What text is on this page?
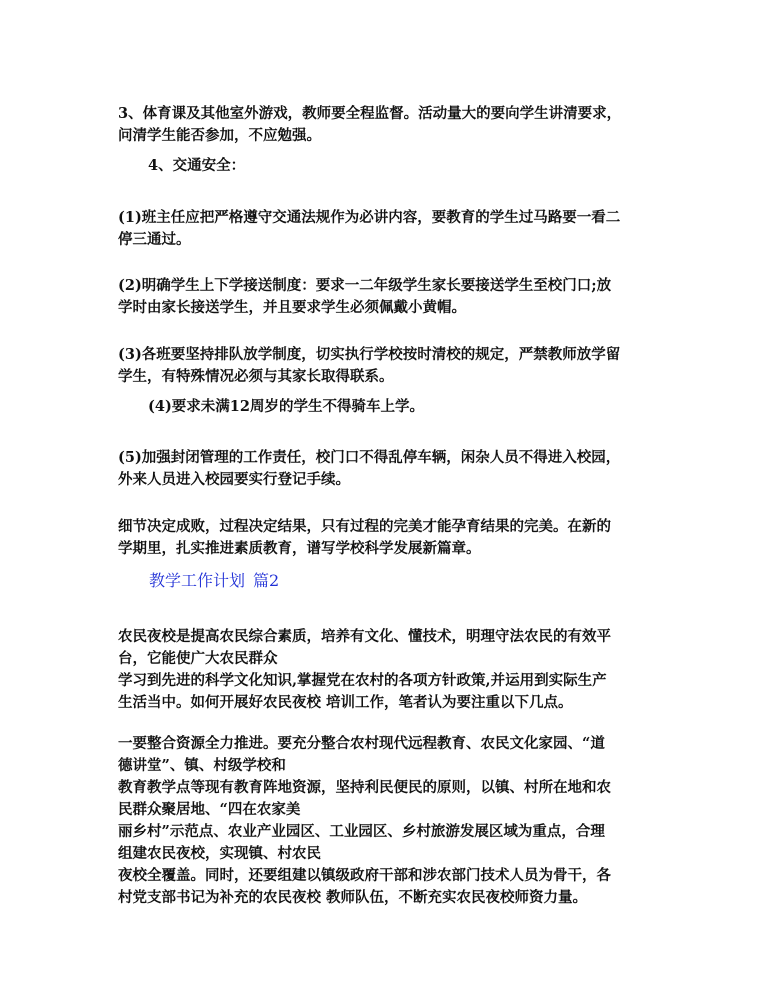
3、体育课及其他室外游戏，教师要全程监督。活动量大的要向学生讲清要求，
问清学生能否参加，不应勉强。
4、交通安全：
(1)班主任应把严格遵守交通法规作为必讲内容，要教育的学生过马路要一看二
停三通过。
(2)明确学生上下学接送制度：要求一二年级学生家长要接送学生至校门口;放
学时由家长接送学生，并且要求学生必须佩戴小黄帽。
(3)各班要坚持排队放学制度，切实执行学校按时清校的规定，严禁教师放学留
学生，有特殊情况必须与其家长取得联系。
(4)要求未满12周岁的学生不得骑车上学。
(5)加强封闭管理的工作责任，校门口不得乱停车辆，闲杂人员不得进入校园，
外来人员进入校园要实行登记手续。
细节决定成败，过程决定结果，只有过程的完美才能孕育结果的完美。在新的
学期里，扎实推进素质教育，谱写学校科学发展新篇章。
教学工作计划 篇2
农民夜校是提高农民综合素质，培养有文化、懂技术，明理守法农民的有效平
台，它能使广大农民群众
学习到先进的科学文化知识,掌握党在农村的各项方针政策,并运用到实际生产
生活当中。如何开展好农民夜校 培训工作，笔者认为要注重以下几点。
一要整合资源全力推进。要充分整合农村现代远程教育、农民文化家园、“道
德讲堂”、镇、村级学校和
教育教学点等现有教育阵地资源，坚持利民便民的原则，以镇、村所在地和农
民群众聚居地、“四在农家美
丽乡村”示范点、农业产业园区、工业园区、乡村旅游发展区域为重点，合理
组建农民夜校，实现镇、村农民
夜校全覆盖。同时，还要组建以镇级政府干部和涉农部门技术人员为骨干，各
村党支部书记为补充的农民夜校 教师队伍，不断充实农民夜校师资力量。
